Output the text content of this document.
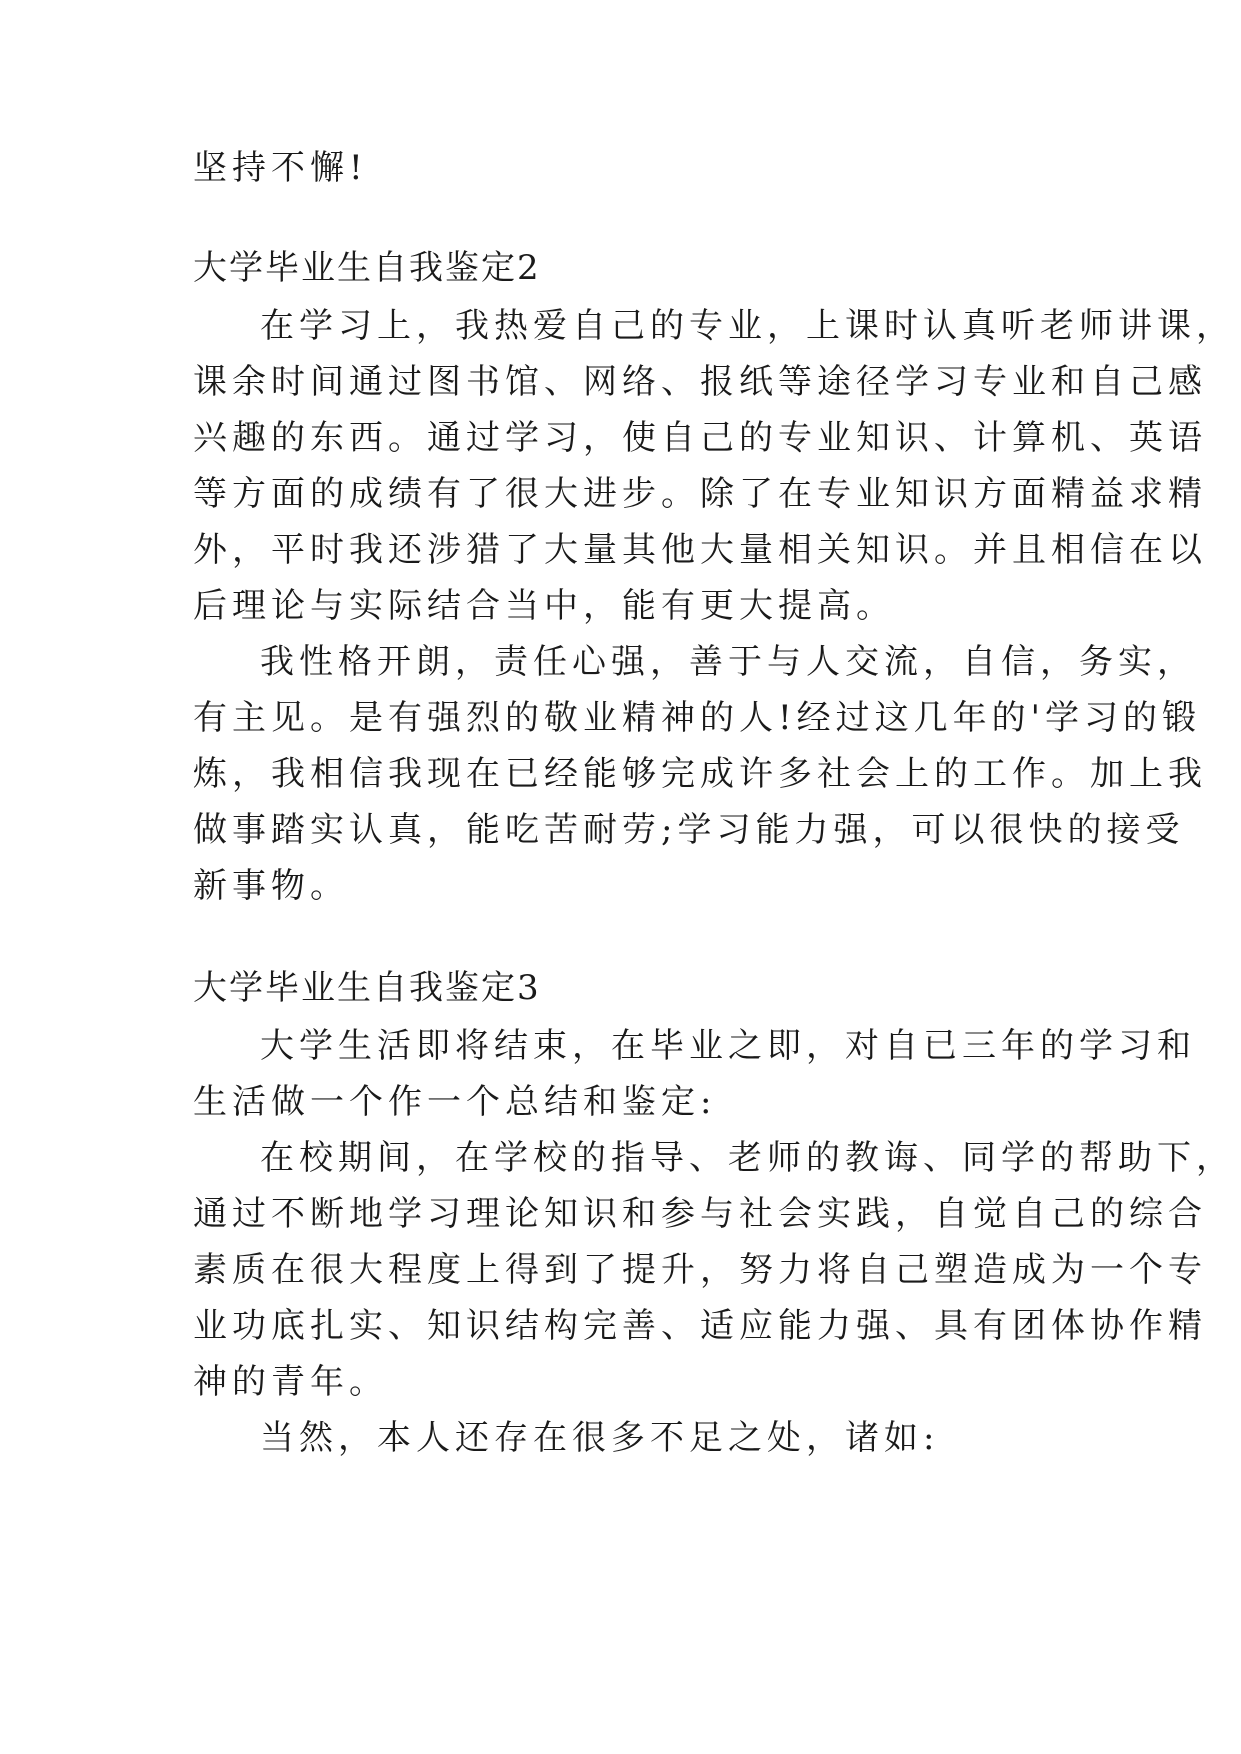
坚持不懈!

大学毕业生自我鉴定2

在学习上，我热爱自己的专业，上课时认真听老师讲课，

课余时间通过图书馆、网络、报纸等途径学习专业和自己感

兴趣的东西。通过学习，使自己的专业知识、计算机、英语

等方面的成绩有了很大进步。除了在专业知识方面精益求精

外，平时我还涉猎了大量其他大量相关知识。并且相信在以

后理论与实际结合当中，能有更大提高。

我性格开朗，责任心强，善于与人交流，自信，务实，

有主见。是有强烈的敬业精神的人!经过这几年的'学习的锻

炼，我相信我现在已经能够完成许多社会上的工作。加上我

做事踏实认真，能吃苦耐劳;学习能力强，可以很快的接受

新事物。

大学毕业生自我鉴定3

大学生活即将结束，在毕业之即，对自已三年的学习和

生活做一个作一个总结和鉴定:

在校期间，在学校的指导、老师的教诲、同学的帮助下，

通过不断地学习理论知识和参与社会实践，自觉自己的综合

素质在很大程度上得到了提升，努力将自己塑造成为一个专

业功底扎实、知识结构完善、适应能力强、具有团体协作精

神的青年。

当然，本人还存在很多不足之处，诸如:
